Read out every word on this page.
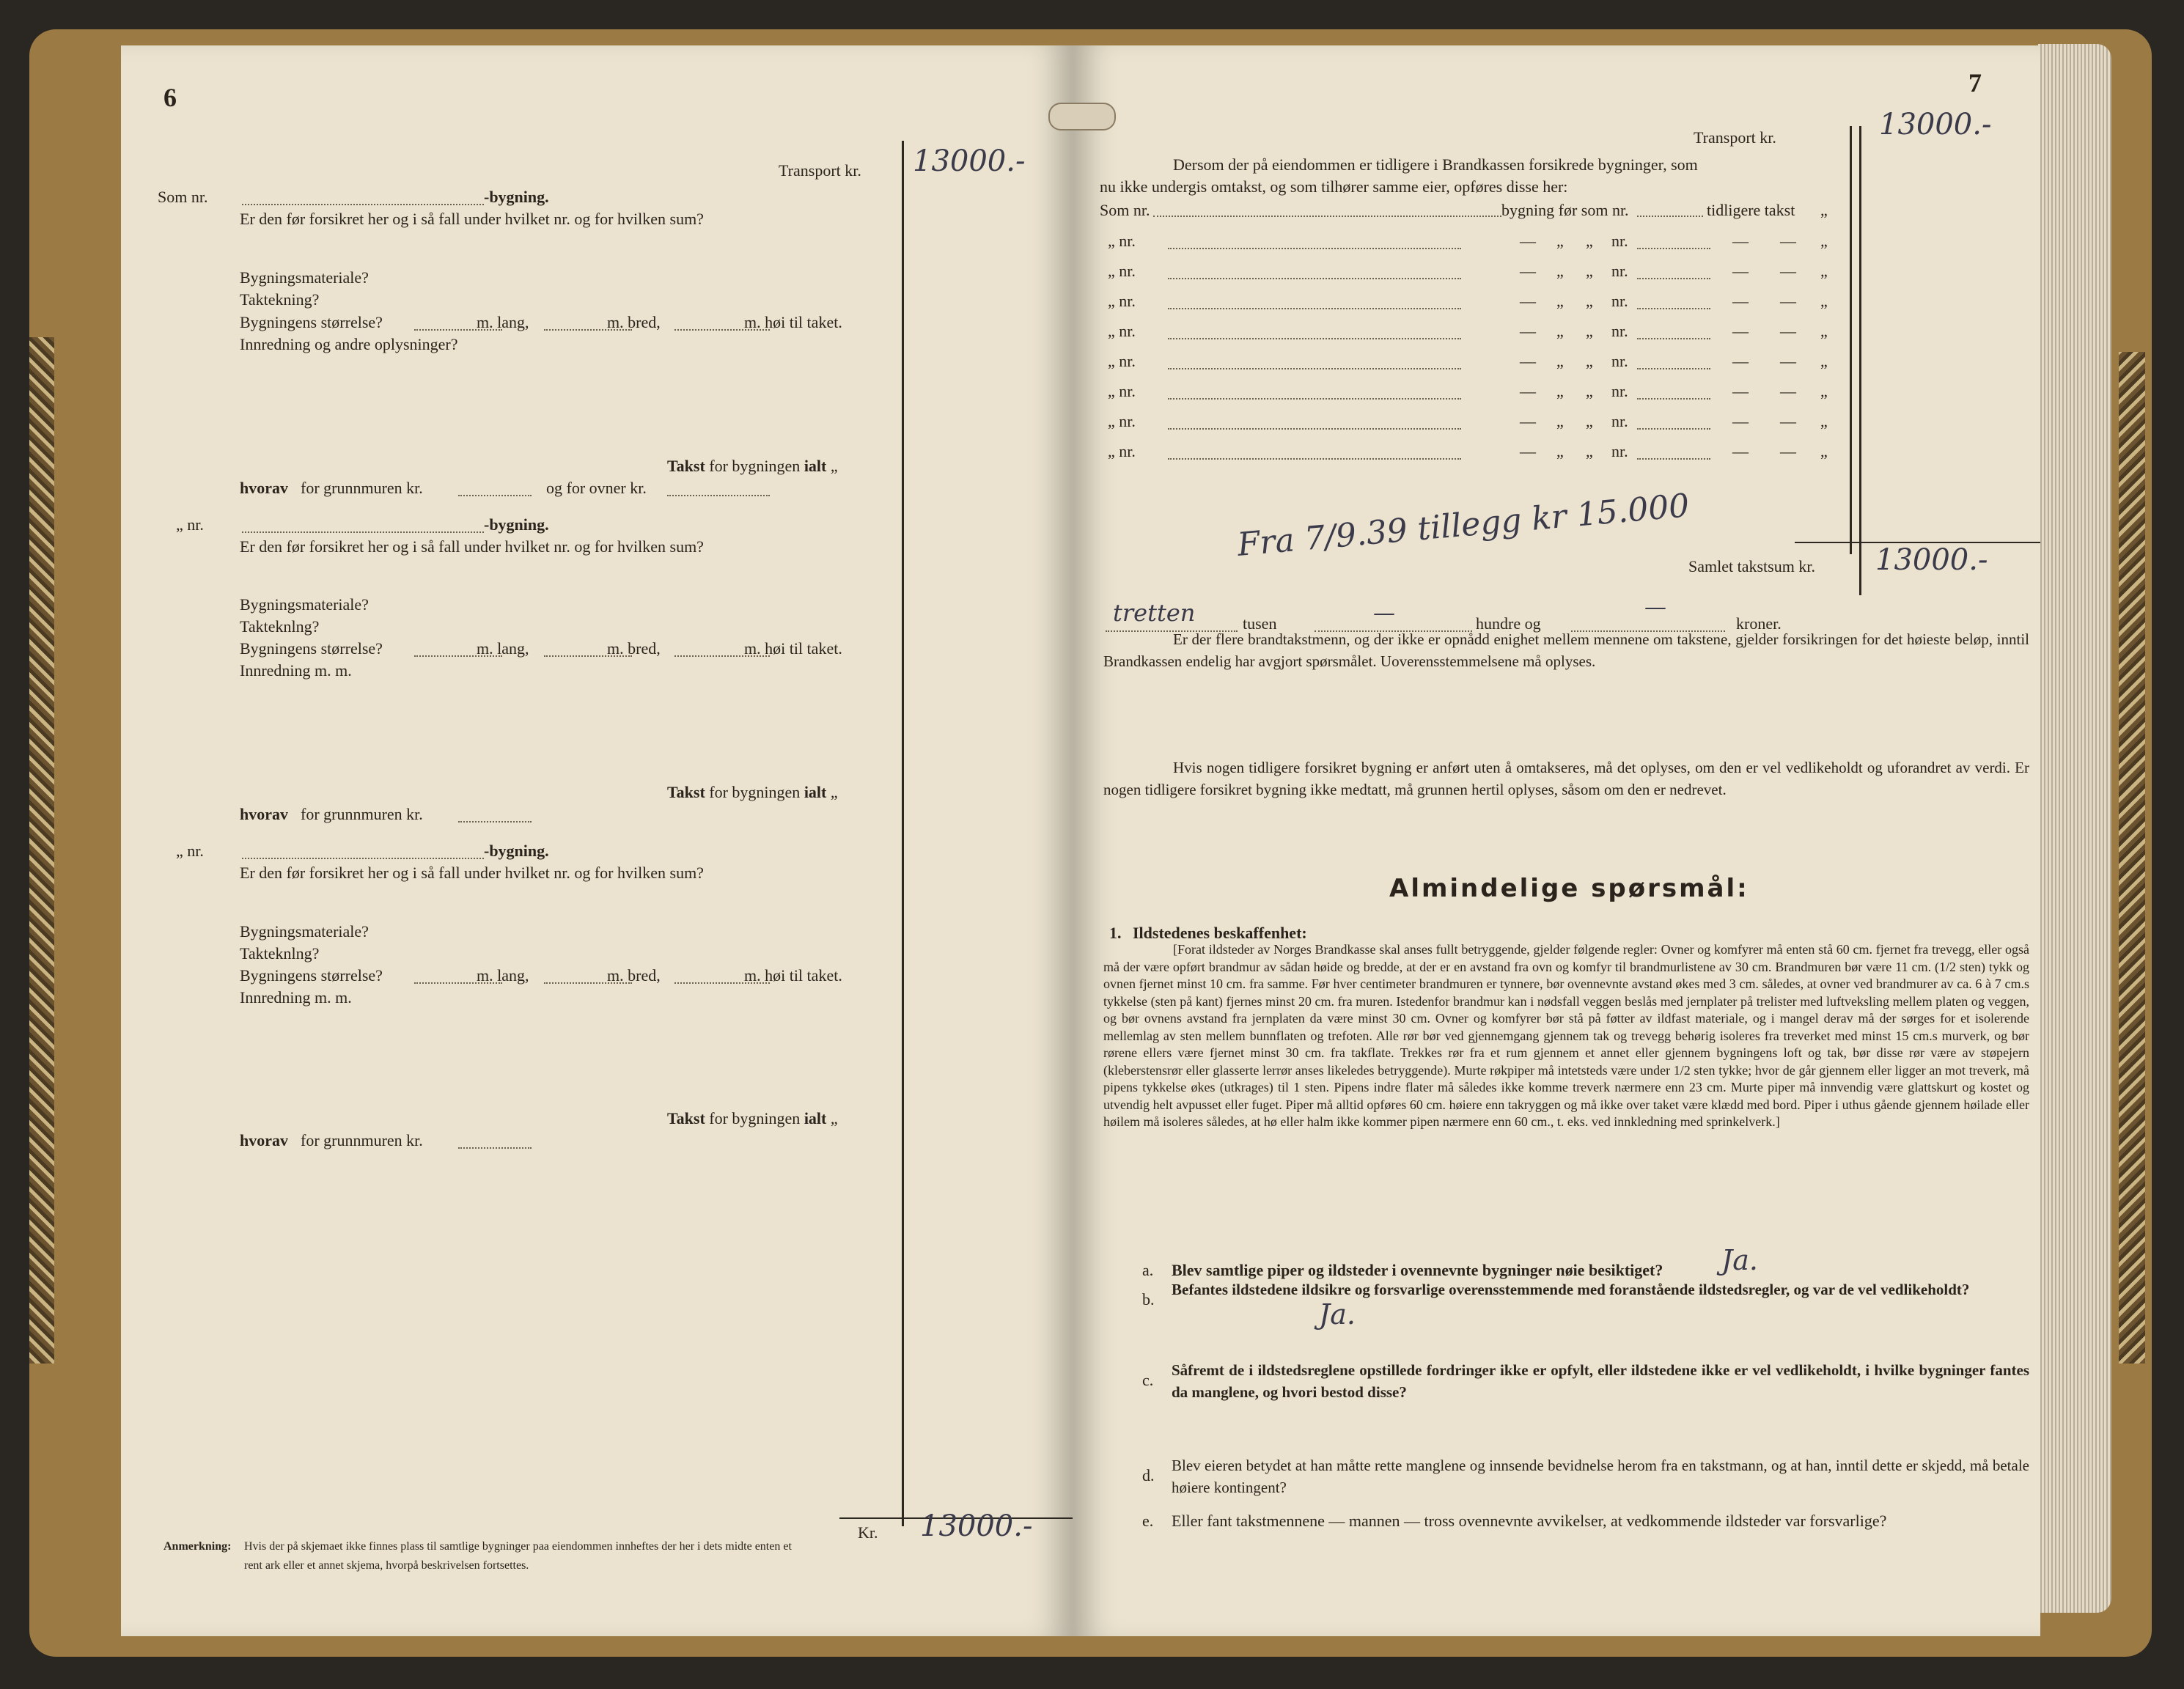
6
Transport kr. 13000.-
Som nr.	-bygning.
Er den før forsikret her og i så fall under hvilket nr. og for hvilken sum?
Bygningsmateriale?
Taktekning?
Bygningens størrelse?	m. lang,	m. bred,	m. høi til taket.
Innredning og andre oplysninger?
Takst for bygningen ialt „
hvorav for grunnmuren kr.	og for ovner kr.
„ nr.	-bygning.
Er den før forsikret her og i så fall under hvilket nr. og for hvilken sum?
Bygningsmateriale?
Takteknlng?
Bygningens størrelse?	m. lang,	m. bred,	m. høi til taket.
Innredning m. m.
Takst for bygningen ialt „
hvorav for grunnmuren kr.
„ nr.	-bygning.
Er den før forsikret her og i så fall under hvilket nr. og for hvilken sum?
Bygningsmateriale?
Takteknlng?
Bygningens størrelse?	m. lang,	m. bred,	m. høi til taket.
Innredning m. m.
Takst for bygningen ialt „
hvorav for grunnmuren kr.
Kr. 13000.-
Anmerkning: Hvis der på skjemaet ikke finnes plass til samtlige bygninger paa eiendommen innheftes der her i dets midte enten et
rent ark eller et annet skjema, hvorpå beskrivelsen fortsettes.
7
Transport kr.	13000.-
Dersom der på eiendommen er tidligere i Brandkassen forsikrede bygninger, som
nu ikke undergis omtakst, og som tilhører samme eier, opføres disse her:
Som nr.	bygning før som nr.	tidligere takst „
„ nr.	— „ „ nr.	— — „
„ nr.	— „ „ nr.	— — „
„ nr.	— „ „ nr.	— — „
„ nr.	— „ „ nr.	— — „
„ nr.	— „ „ nr.	— — „
„ nr.	— „ „ nr.	— — „
„ nr.	— „ „ nr.	— — „
„ nr.	— „ „ nr.	— — „
Fra 7/9.39 tillegg kr 15.000
Samlet takstsum kr. 13000.-
tretten	tusen	—	hundre og
—
kroner.
Er der flere brandtakstmenn, og der ikke er opnådd enighet mellem mennene om takstene, gjelder forsikringen for det høieste beløp, inntil Brandkassen endelig har avgjort spørsmålet. Uoverensstemmelsene må oplyses.
Hvis nogen tidligere forsikret bygning er anført uten å omtakseres, må det oplyses, om den er vel vedlikeholdt og uforandret av verdi. Er nogen tidligere forsikret bygning ikke medtatt, må grunnen hertil oplyses, såsom om den er nedrevet.
Almindelige spørsmål:
1. Ildstedenes beskaffenhet:
[Forat ildsteder av Norges Brandkasse skal anses fullt betryggende, gjelder følgende regler: Ovner og komfyrer må enten stå 60 cm. fjernet fra trevegg, eller også må der være opført brandmur av sådan høide og bredde, at der er en avstand fra ovn og komfyr til brandmurlistene av 30 cm. Brandmuren bør være 11 cm. (1/2 sten) tykk og ovnen fjernet minst 10 cm. fra samme. Før hver centimeter brandmuren er tynnere, bør ovennevnte avstand økes med 3 cm. således, at ovner ved brandmurer av ca. 6 à 7 cm.s tykkelse (sten på kant) fjernes minst 20 cm. fra muren. Istedenfor brandmur kan i nødsfall veggen beslås med jernplater på trelister med luftveksling mellem platen og veggen, og bør ovnens avstand fra jernplaten da være minst 30 cm. Ovner og komfyrer bør stå på føtter av ildfast materiale, og i mangel derav må der sørges for et isolerende mellemlag av sten mellem bunnflaten og trefoten. Alle rør bør ved gjennemgang gjennem tak og trevegg behørig isoleres fra treverket med minst 15 cm.s murverk, og bør rørene ellers være fjernet minst 30 cm. fra takflate. Trekkes rør fra et rum gjennem et annet eller gjennem bygningens loft og tak, bør disse rør være av støpejern (kleberstensrør eller glasserte lerrør anses likeledes betryggende). Murte røkpiper må intetsteds være under 1/2 sten tykke; hvor de går gjennem eller ligger an mot treverk, må pipens tykkelse økes (utkrages) til 1 sten. Pipens indre flater må således ikke komme treverk nærmere enn 23 cm. Murte piper må innvendig være glattskurt og kostet og utvendig helt avpusset eller fuget. Piper må alltid opføres 60 cm. høiere enn takryggen og må ikke over taket være klædd med bord. Piper i uthus gående gjennem høilade eller høilem må isoleres således, at hø eller halm ikke kommer pipen nærmere enn 60 cm., t. eks. ved innkledning med sprinkelverk.]
a. Blev samtlige piper og ildsteder i ovennevnte bygninger nøie besiktiget? Ja.
b.
Befantes ildstedene ildsikre og forsvarlige overensstemmende med foranstående ildstedsregler, og var de vel vedlikeholdt?
Ja.
c.
Såfremt de i ildstedsreglene opstillede fordringer ikke er opfylt, eller ildstedene ikke er vel vedlikeholdt, i hvilke bygninger fantes da manglene, og hvori bestod disse?
d.
Blev eieren betydet at han måtte rette manglene og innsende bevidnelse herom fra en takstmann, og at han, inntil dette er skjedd, må betale høiere kontingent?
e. Eller fant takstmennene — mannen — tross ovennevnte avvikelser, at vedkommende ildsteder var forsvarlige?
